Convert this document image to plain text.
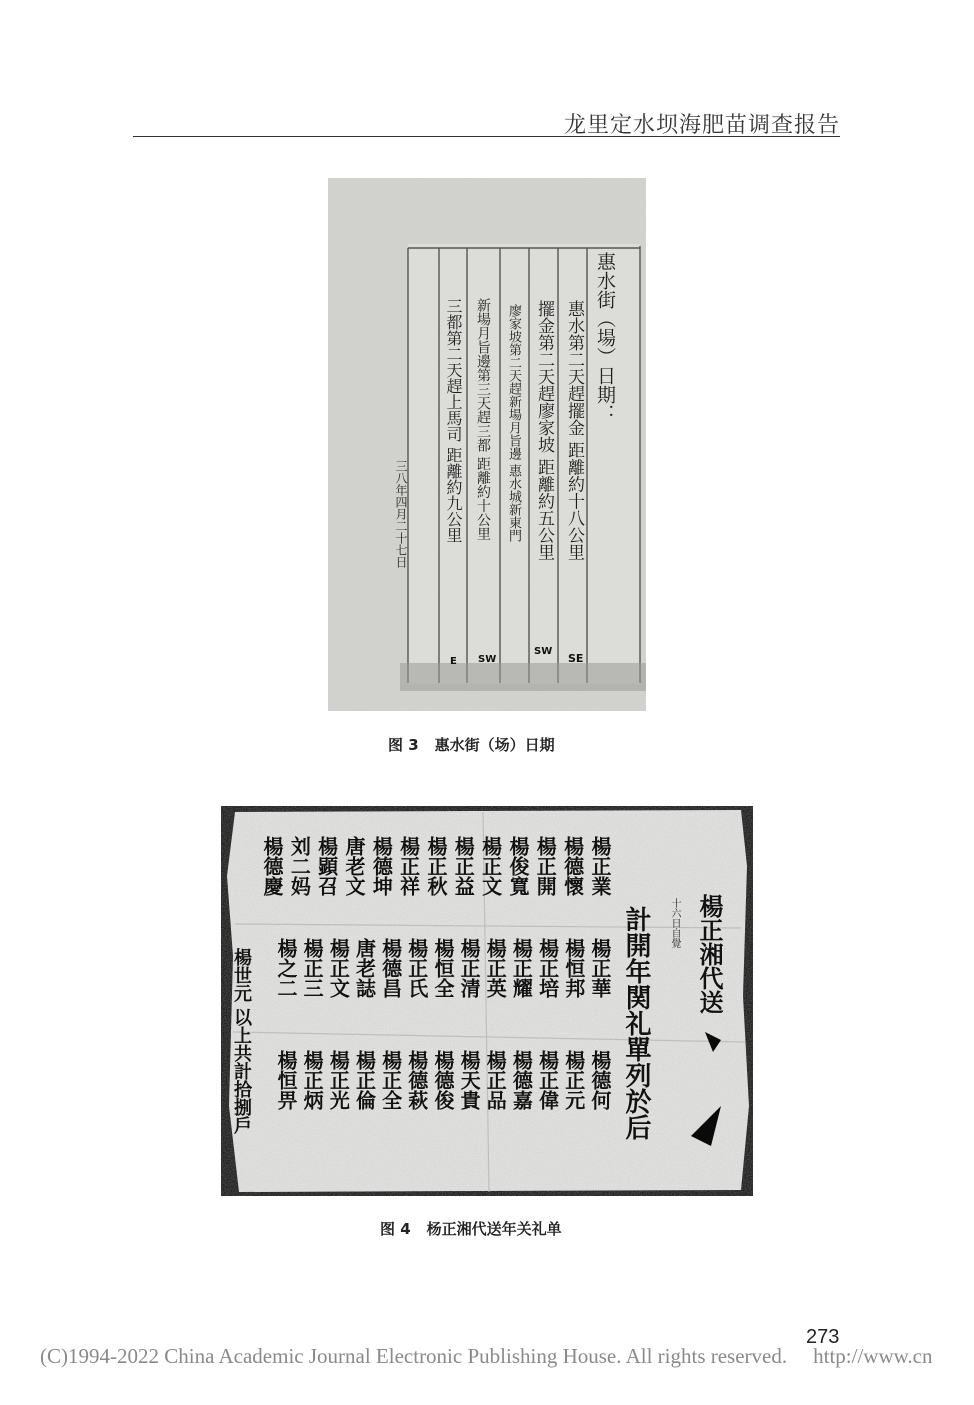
龙里定水坝海肥苗调查报告
惠水街（場）日期：
惠水第二天趕擺金 距離約十八公里
擺金第二天趕廖家坡 距離約五公里
廖家坡第二天趕新場月旨邊 惠水城新東門
新場月旨邊第三天趕三都 距離約十公里
三都第二天趕上馬司 距離約九公里
三八年四月二十七日
SE
SW
SW
E
图 3 惠水街（场）日期
楊正湘代送
計開年関礼單列於后 十六日自覺
楊正業
楊德懷
楊正開
楊俊寬
楊正文
楊正益
楊正秋
楊正祥
楊德坤
唐老文
楊顕召
刘二妈
楊德慶
楊正華
楊恒邦
楊正培
楊正耀
楊正英
楊正清
楊恒全
楊正氏
楊德昌
唐老誌
楊正文
楊正三
楊之二
楊德何
楊正元
楊正偉
楊德嘉
楊正品
楊天貴
楊德俊
楊德萩
楊正全
楊正倫
楊正光
楊正炳
楊恒畀
楊世元 以上共計拾捌戶
图 4 杨正湘代送年关礼单
273
(C)1994-2022 China Academic Journal Electronic Publishing House. All rights reserved. http://www.cn
